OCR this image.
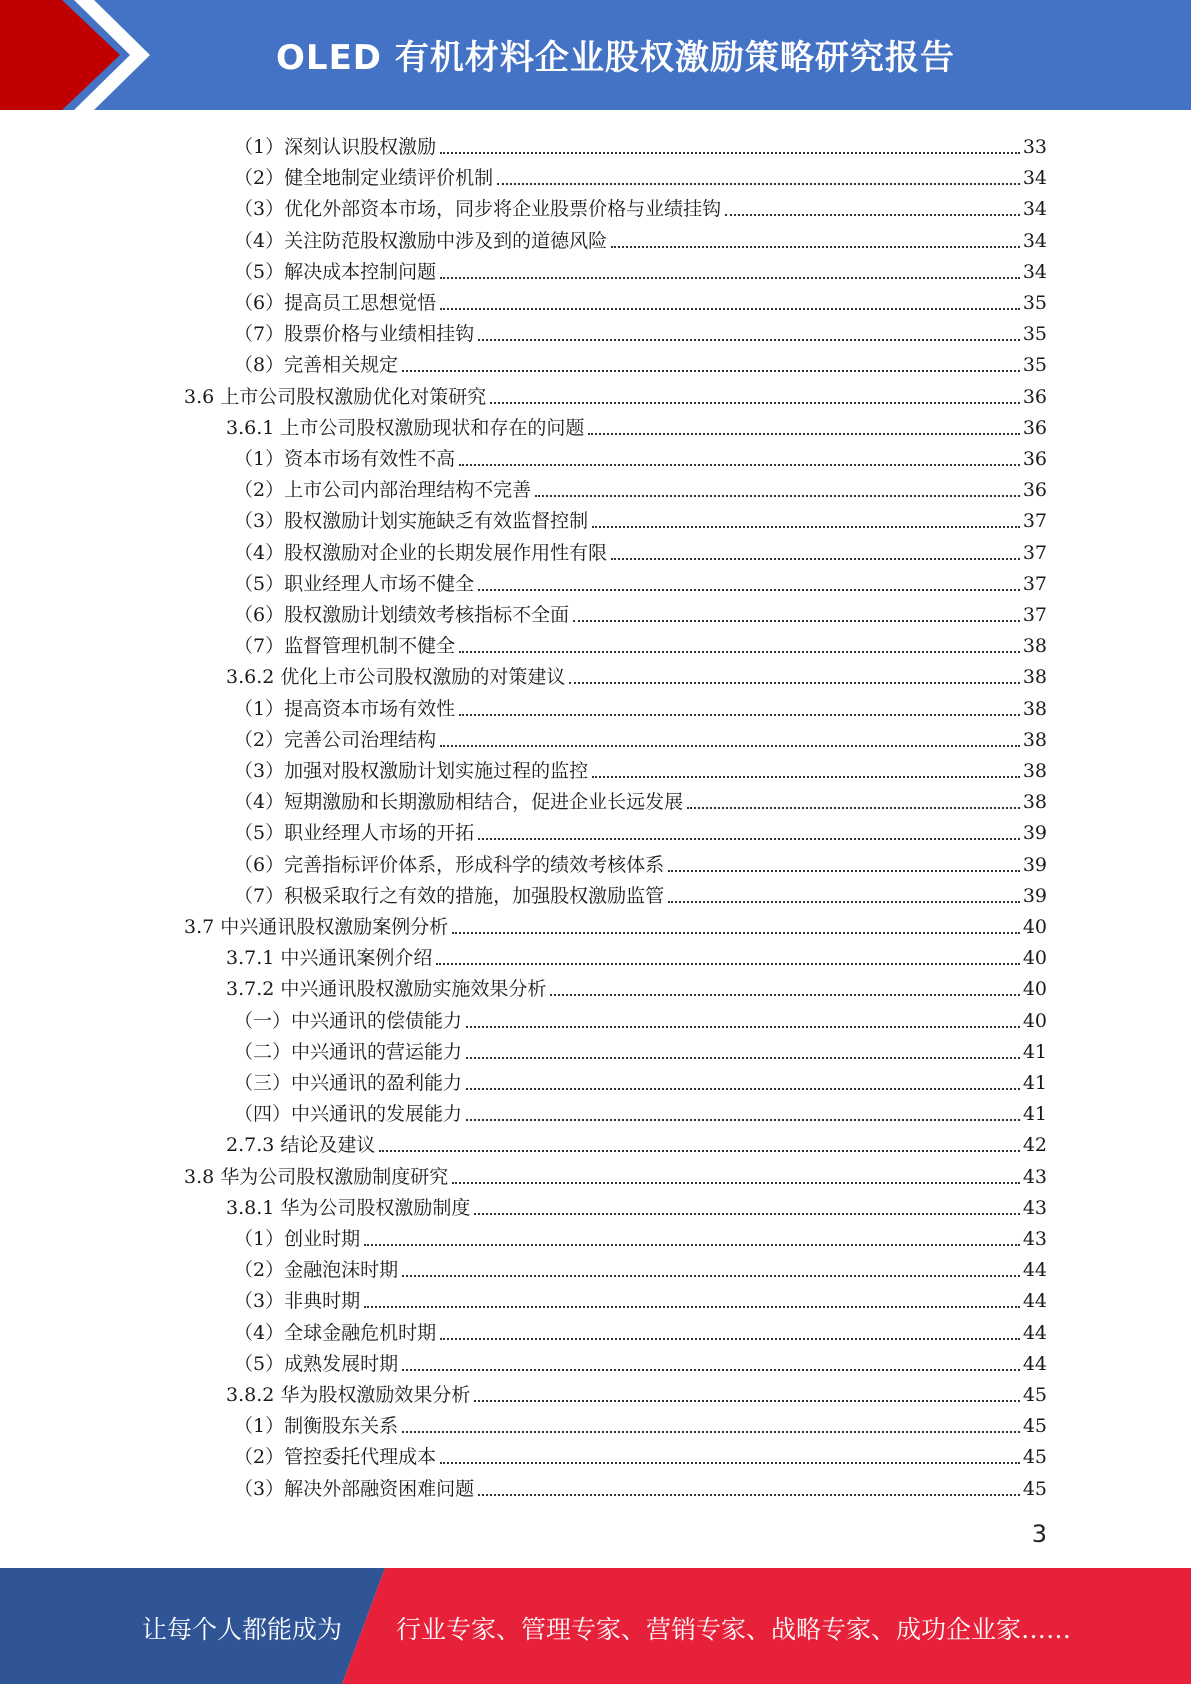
OLED 有机材料企业股权激励策略研究报告
（1）深刻认识股权激励	33
（2）健全地制定业绩评价机制	34
（3）优化外部资本市场，同步将企业股票价格与业绩挂钩	34
（4）关注防范股权激励中涉及到的道德风险	34
（5）解决成本控制问题	34
（6）提高员工思想觉悟	35
（7）股票价格与业绩相挂钩	35
（8）完善相关规定	35
3.6 上市公司股权激励优化对策研究	36
3.6.1 上市公司股权激励现状和存在的问题	36
（1）资本市场有效性不高	36
（2）上市公司内部治理结构不完善	36
（3）股权激励计划实施缺乏有效监督控制	37
（4）股权激励对企业的长期发展作用性有限	37
（5）职业经理人市场不健全	37
（6）股权激励计划绩效考核指标不全面	37
（7）监督管理机制不健全	38
3.6.2 优化上市公司股权激励的对策建议	38
（1）提高资本市场有效性	38
（2）完善公司治理结构	38
（3）加强对股权激励计划实施过程的监控	38
（4）短期激励和长期激励相结合，促进企业长远发展	38
（5）职业经理人市场的开拓	39
（6）完善指标评价体系，形成科学的绩效考核体系	39
（7）积极采取行之有效的措施，加强股权激励监管	39
3.7 中兴通讯股权激励案例分析	40
3.7.1 中兴通讯案例介绍	40
3.7.2 中兴通讯股权激励实施效果分析	40
（一）中兴通讯的偿债能力	40
（二）中兴通讯的营运能力	41
（三）中兴通讯的盈利能力	41
（四）中兴通讯的发展能力	41
2.7.3 结论及建议	42
3.8 华为公司股权激励制度研究	43
3.8.1 华为公司股权激励制度	43
（1）创业时期	43
（2）金融泡沫时期	44
（3）非典时期	44
（4）全球金融危机时期	44
（5）成熟发展时期	44
3.8.2 华为股权激励效果分析	45
（1）制衡股东关系	45
（2）管控委托代理成本	45
（3）解决外部融资困难问题	45
3
让每个人都能成为 行业专家、管理专家、营销专家、战略专家、成功企业家……
